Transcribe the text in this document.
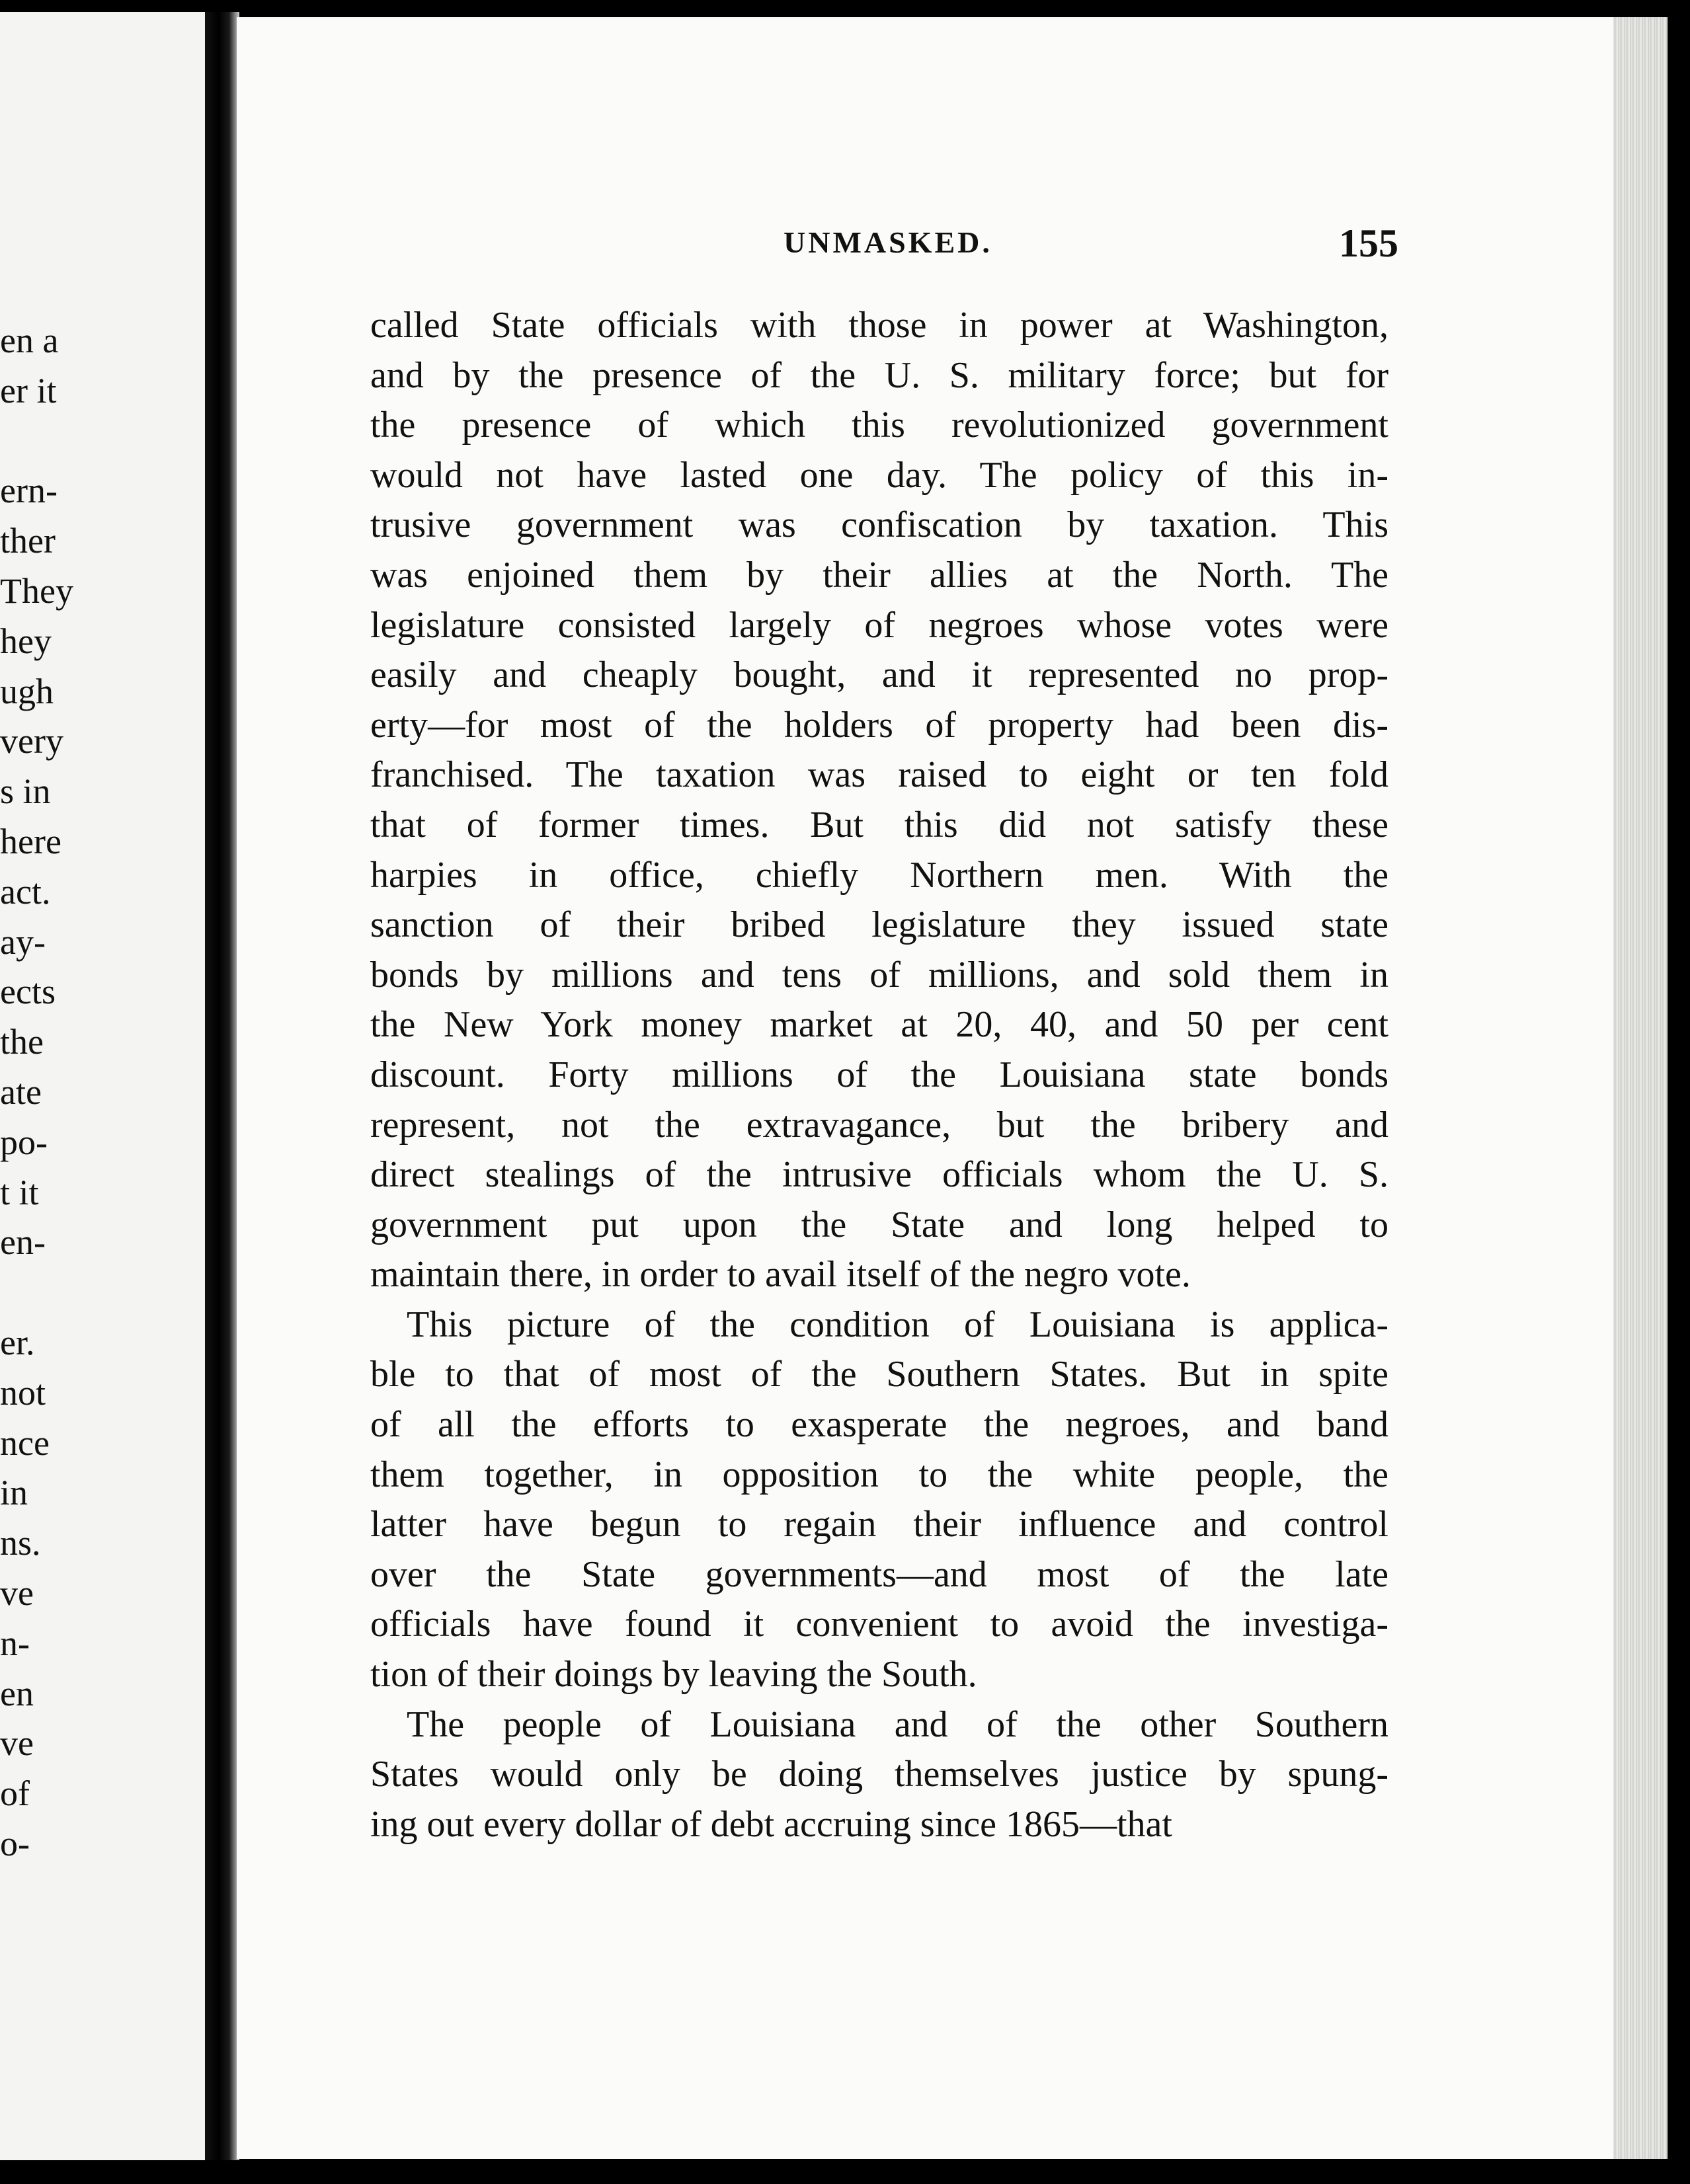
en a
er it

ern-
ther
They
hey
ugh
very
s in
here
act.
ay-
ects
the
ate
po-
t it
en-

er.
not
nce
in
ns.
ve
n-
en
ve
of
o-
UNMASKED.	155
called State officials with those in power at Washington,
and by the presence of the U. S. military force; but for
the presence of which this revolutionized government
would not have lasted one day. The policy of this in-
trusive government was confiscation by taxation. This
was enjoined them by their allies at the North. The
legislature consisted largely of negroes whose votes were
easily and cheaply bought, and it represented no prop-
erty—for most of the holders of property had been dis-
franchised. The taxation was raised to eight or ten fold
that of former times. But this did not satisfy these
harpies in office, chiefly Northern men. With the
sanction of their bribed legislature they issued state
bonds by millions and tens of millions, and sold them in
the New York money market at 20, 40, and 50 per cent
discount. Forty millions of the Louisiana state bonds
represent, not the extravagance, but the bribery and
direct stealings of the intrusive officials whom the U. S.
government put upon the State and long helped to
maintain there, in order to avail itself of the negro vote.
This picture of the condition of Louisiana is applica-
ble to that of most of the Southern States. But in spite
of all the efforts to exasperate the negroes, and band
them together, in opposition to the white people, the
latter have begun to regain their influence and control
over the State governments—and most of the late
officials have found it convenient to avoid the investiga-
tion of their doings by leaving the South.
The people of Louisiana and of the other Southern
States would only be doing themselves justice by spung-
ing out every dollar of debt accruing since 1865—that
